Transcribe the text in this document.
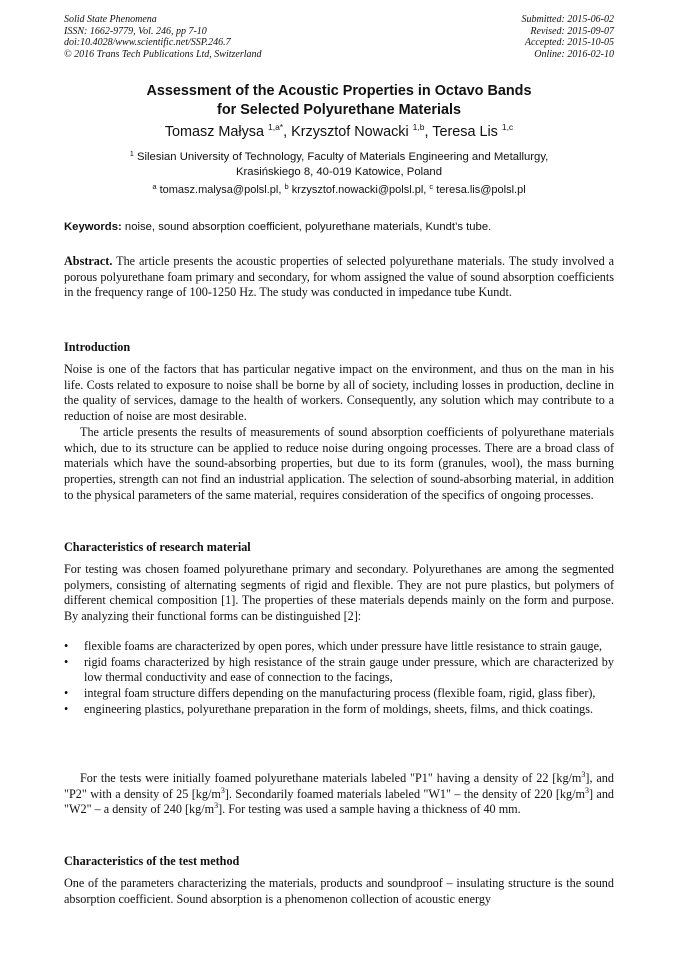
Solid State Phenomena
ISSN: 1662-9779, Vol. 246, pp 7-10
doi:10.4028/www.scientific.net/SSP.246.7
© 2016 Trans Tech Publications Ltd, Switzerland
Submitted: 2015-06-02
Revised: 2015-09-07
Accepted: 2015-10-05
Online: 2016-02-10
Assessment of the Acoustic Properties in Octavo Bands
for Selected Polyurethane Materials
Tomasz Małysa $^{1,a*}$, Krzysztof Nowacki $^{1,b}$, Teresa Lis $^{1,c}$
$^1$ Silesian University of Technology, Faculty of Materials Engineering and Metallurgy,
Krasińskiego 8, 40-019 Katowice, Poland
$^a$ tomasz.malysa@polsl.pl, $^b$ krzysztof.nowacki@polsl.pl, $^c$ teresa.lis@polsl.pl
Keywords: noise, sound absorption coefficient, polyurethane materials, Kundt’s tube.
Abstract. The article presents the acoustic properties of selected polyurethane materials. The study involved a porous polyurethane foam primary and secondary, for whom assigned the value of sound absorption coefficients in the frequency range of 100-1250 Hz. The study was conducted in impedance tube Kundt.
Introduction
Noise is one of the factors that has particular negative impact on the environment, and thus on the man in his life. Costs related to exposure to noise shall be borne by all of society, including losses in production, decline in the quality of services, damage to the health of workers. Consequently, any solution which may contribute to a reduction of noise are most desirable.
The article presents the results of measurements of sound absorption coefficients of polyurethane materials which, due to its structure can be applied to reduce noise during ongoing processes. There are a broad class of materials which have the sound-absorbing properties, but due to its form (granules, wool), the mass burning properties, strength can not find an industrial application. The selection of sound-absorbing material, in addition to the physical parameters of the same material, requires consideration of the specifics of ongoing processes.
Characteristics of research material
For testing was chosen foamed polyurethane primary and secondary. Polyurethanes are among the segmented polymers, consisting of alternating segments of rigid and flexible. They are not pure plastics, but polymers of different chemical composition [1]. The properties of these materials depends mainly on the form and purpose. By analyzing their functional forms can be distinguished [2]:
• flexible foams are characterized by open pores, which under pressure have little resistance to strain gauge,
• rigid foams characterized by high resistance of the strain gauge under pressure, which are characterized by low thermal conductivity and ease of connection to the facings,
• integral foam structure differs depending on the manufacturing process (flexible foam, rigid, glass fiber),
• engineering plastics, polyurethane preparation in the form of moldings, sheets, films, and thick coatings.
For the tests were initially foamed polyurethane materials labeled "P1" having a density of 22 $[kg/m^3]$, and "P2" with a density of 25 $[kg/m^3]$. Secondarily foamed materials labeled "W1" – the density of 220 $[kg/m^3]$ and "W2" – a density of 240 $[kg/m^3]$. For testing was used a sample having a thickness of 40 mm.
Characteristics of the test method
One of the parameters characterizing the materials, products and soundproof – insulating structure is the sound absorption coefficient. Sound absorption is a phenomenon collection of acoustic energy
